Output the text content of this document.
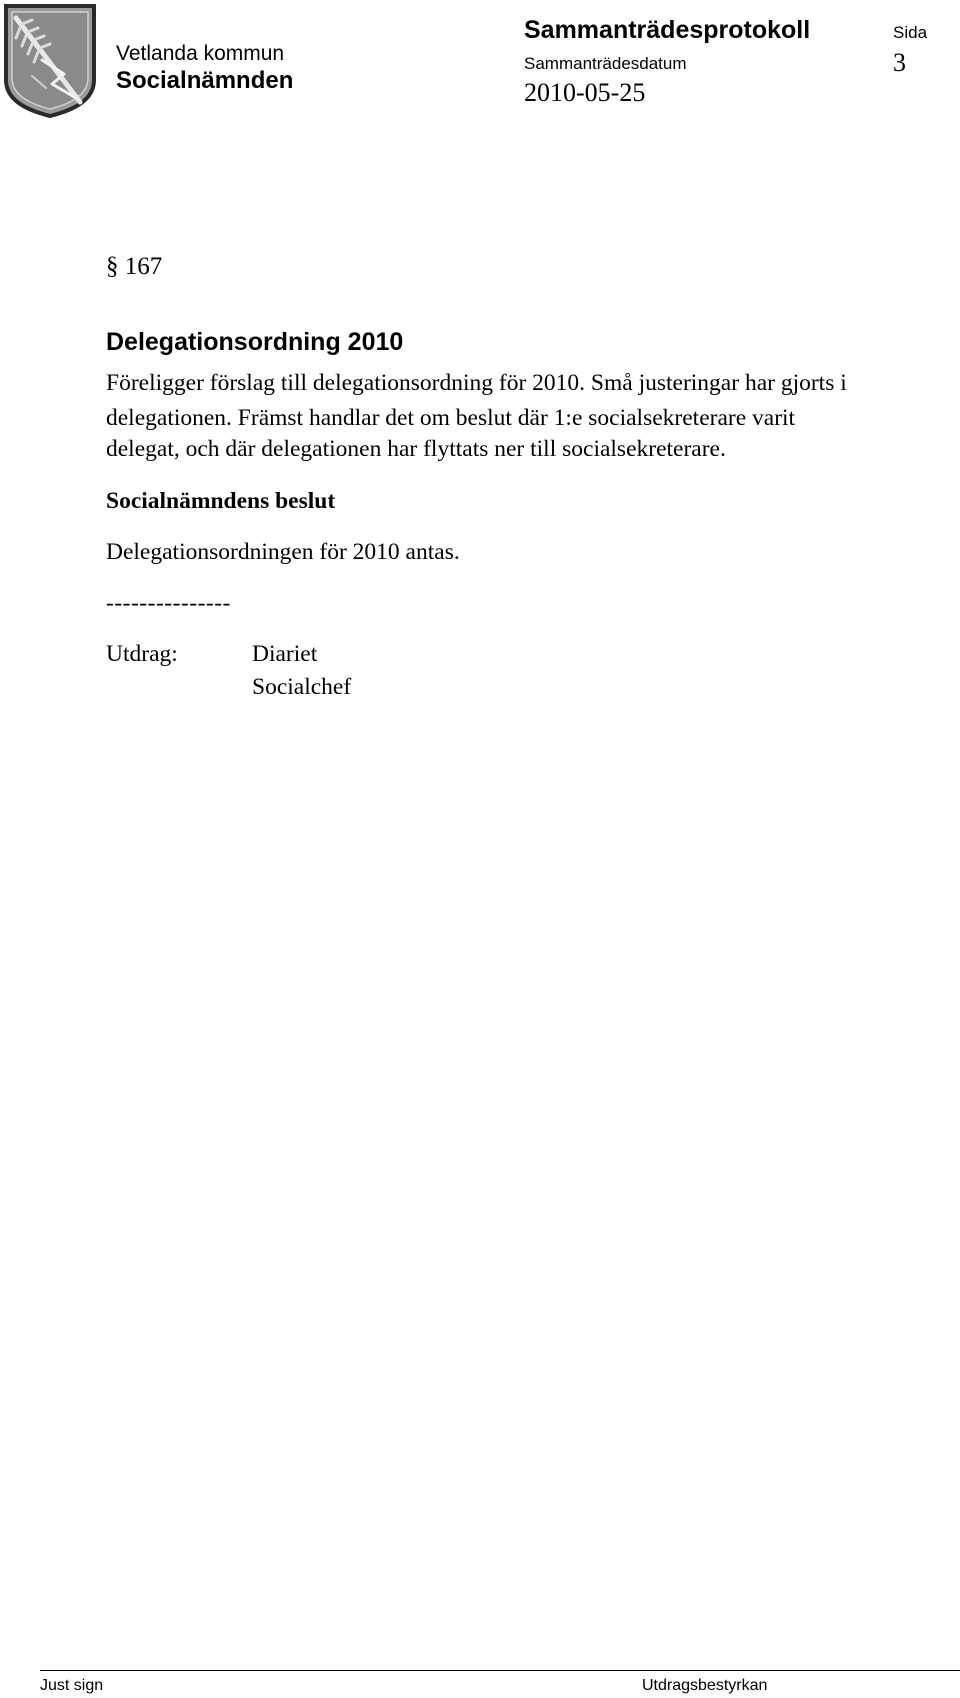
Vetlanda kommun
Socialnämnden
Sammanträdesprotokoll
Sammanträdesdatum
2010-05-25
Sida
3
§ 167
Delegationsordning 2010
Föreligger förslag till delegationsordning för 2010. Små justeringar har gjorts i
delegationen. Främst handlar det om beslut där 1:e socialsekreterare varit
delegat, och där delegationen har flyttats ner till socialsekreterare.
Socialnämndens beslut
Delegationsordningen för 2010 antas.
---------------
Utdrag:	Diariet
Socialchef
Just sign	Utdragsbestyrkan
